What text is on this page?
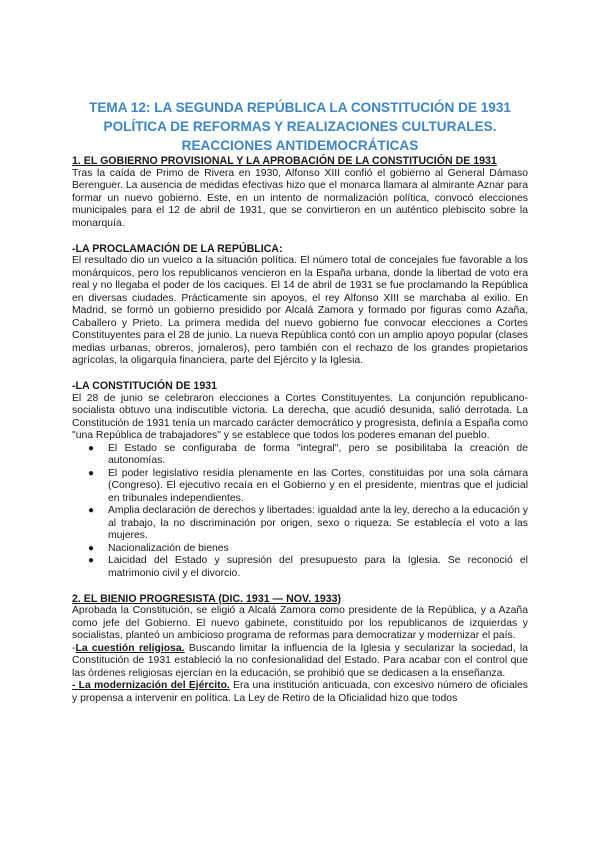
TEMA 12: LA SEGUNDA REPÚBLICA LA CONSTITUCIÓN DE 1931
POLÍTICA DE REFORMAS Y REALIZACIONES CULTURALES.
REACCIONES ANTIDEMOCRÁTICAS
1. EL GOBIERNO PROVISIONAL Y LA APROBACIÓN DE LA CONSTITUCIÓN DE 1931

Tras la caída de Primo de Rivera en 1930, Alfonso XIII confió el gobierno al General Dámaso Berenguer. La ausencia de medidas efectivas hizo que el monarca llamara al almirante Aznar para formar un nuevo gobierno. Este, en un intento de normalización política, convocó elecciones municipales para el 12 de abril de 1931, que se convirtieron en un auténtico plebiscito sobre la monarquía.

-LA PROCLAMACIÓN DE LA REPÚBLICA:

El resultado dio un vuelco a la situación política. El número total de concejales fue favorable a los monárquicos, pero los republicanos vencieron en la España urbana, donde la libertad de voto era real y no llegaba el poder de los caciques. El 14 de abril de 1931 se fue proclamando la República en diversas ciudades. Prácticamente sin apoyos, el rey Alfonso XIII se marchaba al exilio. En Madrid, se formó un gobierno presidido por Alcalá Zamora y formado por figuras como Azaña, Caballero y Prieto. La primera medida del nuevo gobierno fue convocar elecciones a Cortes Constituyentes para el 28 de junio. La nueva República contó con un amplio apoyo popular (clases medias urbanas, obreros, jornaleros), pero también con el rechazo de los grandes propietarios agrícolas, la oligarquía financiera, parte del Ejército y la Iglesia.

-LA CONSTITUCIÓN DE 1931

El 28 de junio se celebraron elecciones a Cortes Constituyentes. La conjunción republicano-socialista obtuvo una indiscutible victoria. La derecha, que acudió desunida, salió derrotada. La Constitución de 1931 tenía un marcado carácter democrático y progresista, definía a España como "una República de trabajadores" y se establece que todos los poderes emanan del pueblo.

● El Estado se configuraba de forma "integral", pero se posibilitaba la creación de autonomías.
● El poder legislativo residía plenamente en las Cortes, constituidas por una sola cámara (Congreso). El ejecutivo recaía en el Gobierno y en el presidente, mientras que el judicial en tribunales independientes.
● Amplia declaración de derechos y libertades: igualdad ante la ley, derecho a la educación y al trabajo, la no discriminación por origen, sexo o riqueza. Se establecía el voto a las mujeres.
● Nacionalización de bienes
● Laicidad del Estado y supresión del presupuesto para la Iglesia. Se reconoció el matrimonio civil y el divorcio.
2. EL BIENIO PROGRESISTA (DIC. 1931 — NOV. 1933)

Aprobada la Constitución, se eligió a Alcalá Zamora como presidente de la República, y a Azaña como jefe del Gobierno. El nuevo gabinete, constituido por los republicanos de izquierdas y socialistas, planteó un ambicioso programa de reformas para democratizar y modernizar el país.

-La cuestión religiosa. Buscando limitar la influencia de la Iglesia y secularizar la sociedad, la Constitución de 1931 estableció la no confesionalidad del Estado. Para acabar con el control que las órdenes religiosas ejercían en la educación, se prohibió que se dedicasen a la enseñanza.

- La modernización del Ejército. Era una institución anticuada, con excesivo número de oficiales y propensa a intervenir en política. La Ley de Retiro de la Oficialidad hizo que todos
